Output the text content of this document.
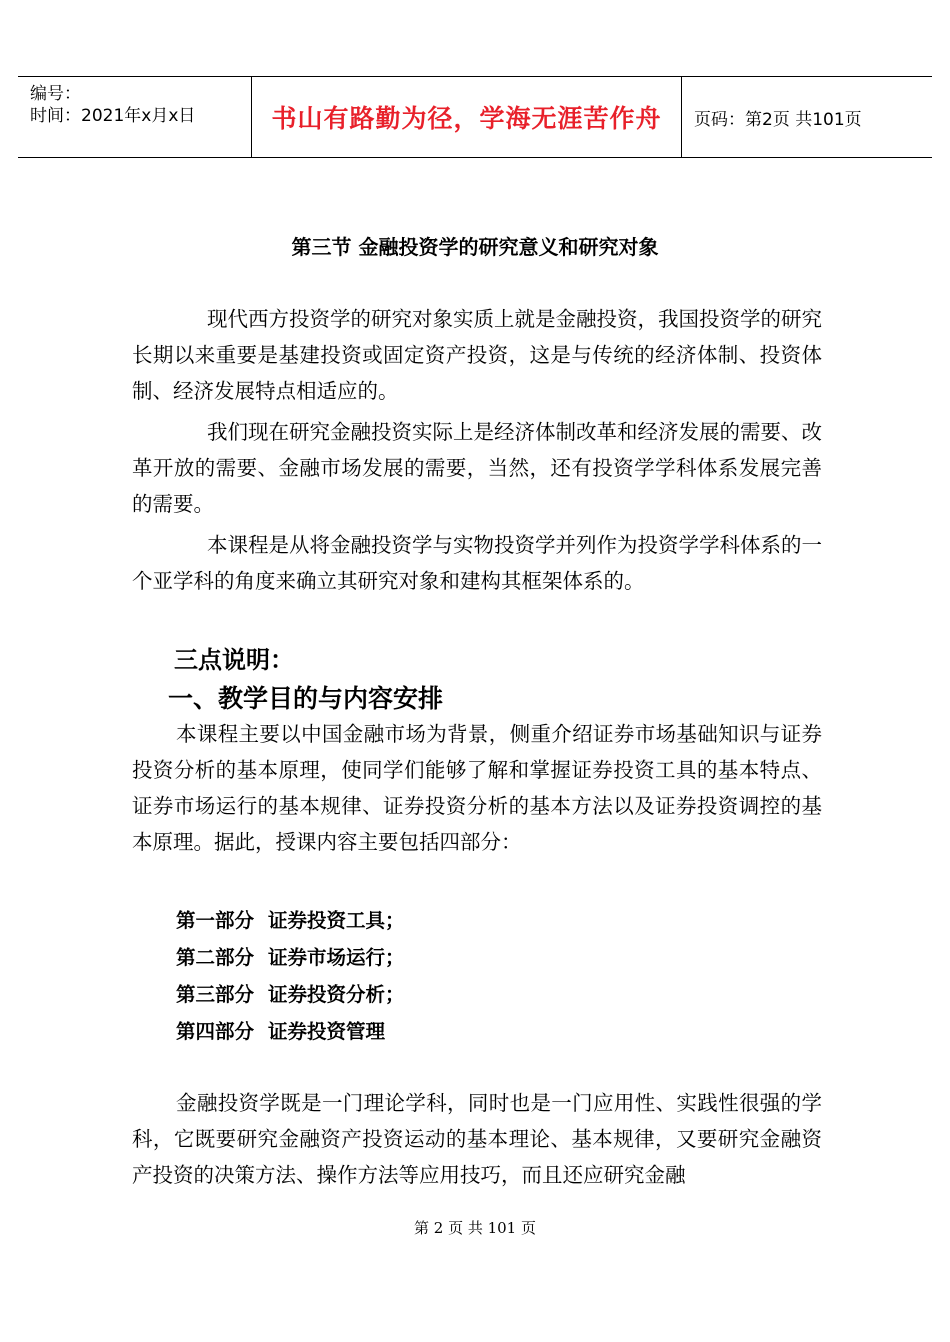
编号：
时间：2021年x月x日	书山有路勤为径，学海无涯苦作舟 页码：第2页 共101页
第三节 金融投资学的研究意义和研究对象

现代西方投资学的研究对象实质上就是金融投资，我国投资学的研究长期以来重要是基建投资或固定资产投资，这是与传统的经济体制、投资体制、经济发展特点相适应的。

我们现在研究金融投资实际上是经济体制改革和经济发展的需要、改革开放的需要、金融市场发展的需要，当然，还有投资学学科体系发展完善的需要。

本课程是从将金融投资学与实物投资学并列作为投资学学科体系的一个亚学科的角度来确立其研究对象和建构其框架体系的。

三点说明：
一、教学目的与内容安排

本课程主要以中国金融市场为背景，侧重介绍证券市场基础知识与证券投资分析的基本原理，使同学们能够了解和掌握证券投资工具的基本特点、证券市场运行的基本规律、证券投资分析的基本方法以及证券投资调控的基本原理。据此，授课内容主要包括四部分：

第一部分 证券投资工具；
第二部分 证券市场运行；
第三部分 证券投资分析；
第四部分 证券投资管理

金融投资学既是一门理论学科，同时也是一门应用性、实践性很强的学科，它既要研究金融资产投资运动的基本理论、基本规律，又要研究金融资产投资的决策方法、操作方法等应用技巧，而且还应研究金融

第 2 页 共 101 页
